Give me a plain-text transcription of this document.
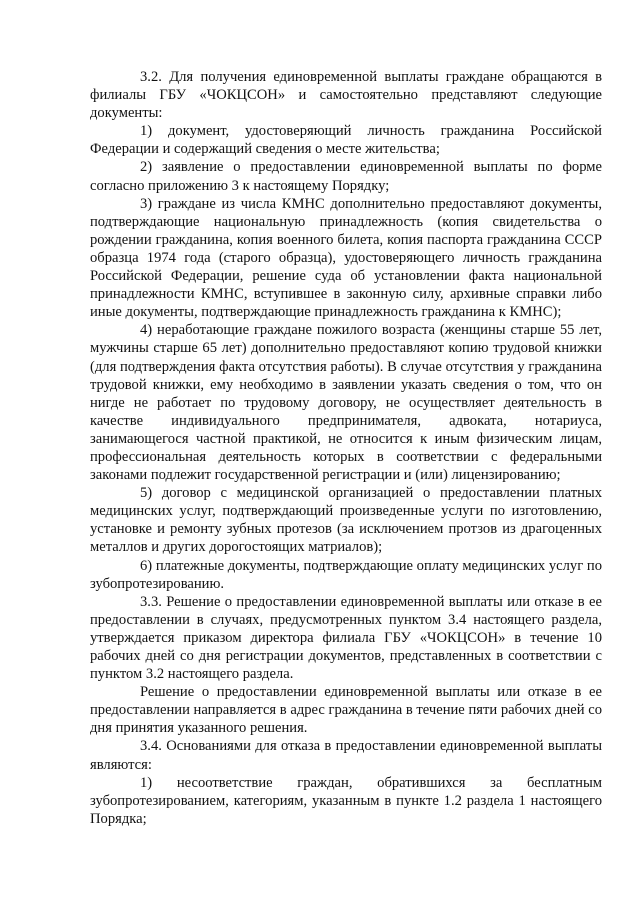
3.2. Для получения единовременной выплаты граждане обращаются в филиалы ГБУ «ЧОКЦСОН» и самостоятельно представляют следующие документы:

1) документ, удостоверяющий личность гражданина Российской Федерации и содержащий сведения о месте жительства;

2) заявление о предоставлении единовременной выплаты по форме согласно приложению 3 к настоящему Порядку;

3) граждане из числа КМНС дополнительно предоставляют документы, подтверждающие национальную принадлежность (копия свидетельства о рождении гражданина, копия военного билета, копия паспорта гражданина СССР образца 1974 года (старого образца), удостоверяющего личность гражданина Российской Федерации, решение суда об установлении факта национальной принадлежности КМНС, вступившее в законную силу, архивные справки либо иные документы, подтверждающие принадлежность гражданина к КМНС);

4) неработающие граждане пожилого возраста (женщины старше 55 лет, мужчины старше 65 лет) дополнительно предоставляют копию трудовой книжки (для подтверждения факта отсутствия работы). В случае отсутствия у гражданина трудовой книжки, ему необходимо в заявлении указать сведения о том, что он нигде не работает по трудовому договору, не осуществляет деятельность в качестве индивидуального предпринимателя, адвоката, нотариуса, занимающегося частной практикой, не относится к иным физическим лицам, профессиональная деятельность которых в соответствии с федеральными законами подлежит государственной регистрации и (или) лицензированию;

5) договор с медицинской организацией о предоставлении платных медицинских услуг, подтверждающий произведенные услуги по изготовлению, установке и ремонту зубных протезов (за исключением протзов из драгоценных металлов и других дорогостоящих матриалов);

6) платежные документы, подтверждающие оплату медицинских услуг по зубопротезированию.

3.3. Решение о предоставлении единовременной выплаты или отказе в ее предоставлении в случаях, предусмотренных пунктом 3.4 настоящего раздела, утверждается приказом директора филиала ГБУ «ЧОКЦСОН» в течение 10 рабочих дней со дня регистрации документов, представленных в соответствии с пунктом 3.2 настоящего раздела.

Решение о предоставлении единовременной выплаты или отказе в ее предоставлении направляется в адрес гражданина в течение пяти рабочих дней со дня принятия указанного решения.

3.4. Основаниями для отказа в предоставлении единовременной выплаты являются:

1) несоответствие граждан, обратившихся за бесплатным зубопротезированием, категориям, указанным в пункте 1.2 раздела 1 настоящего Порядка;
